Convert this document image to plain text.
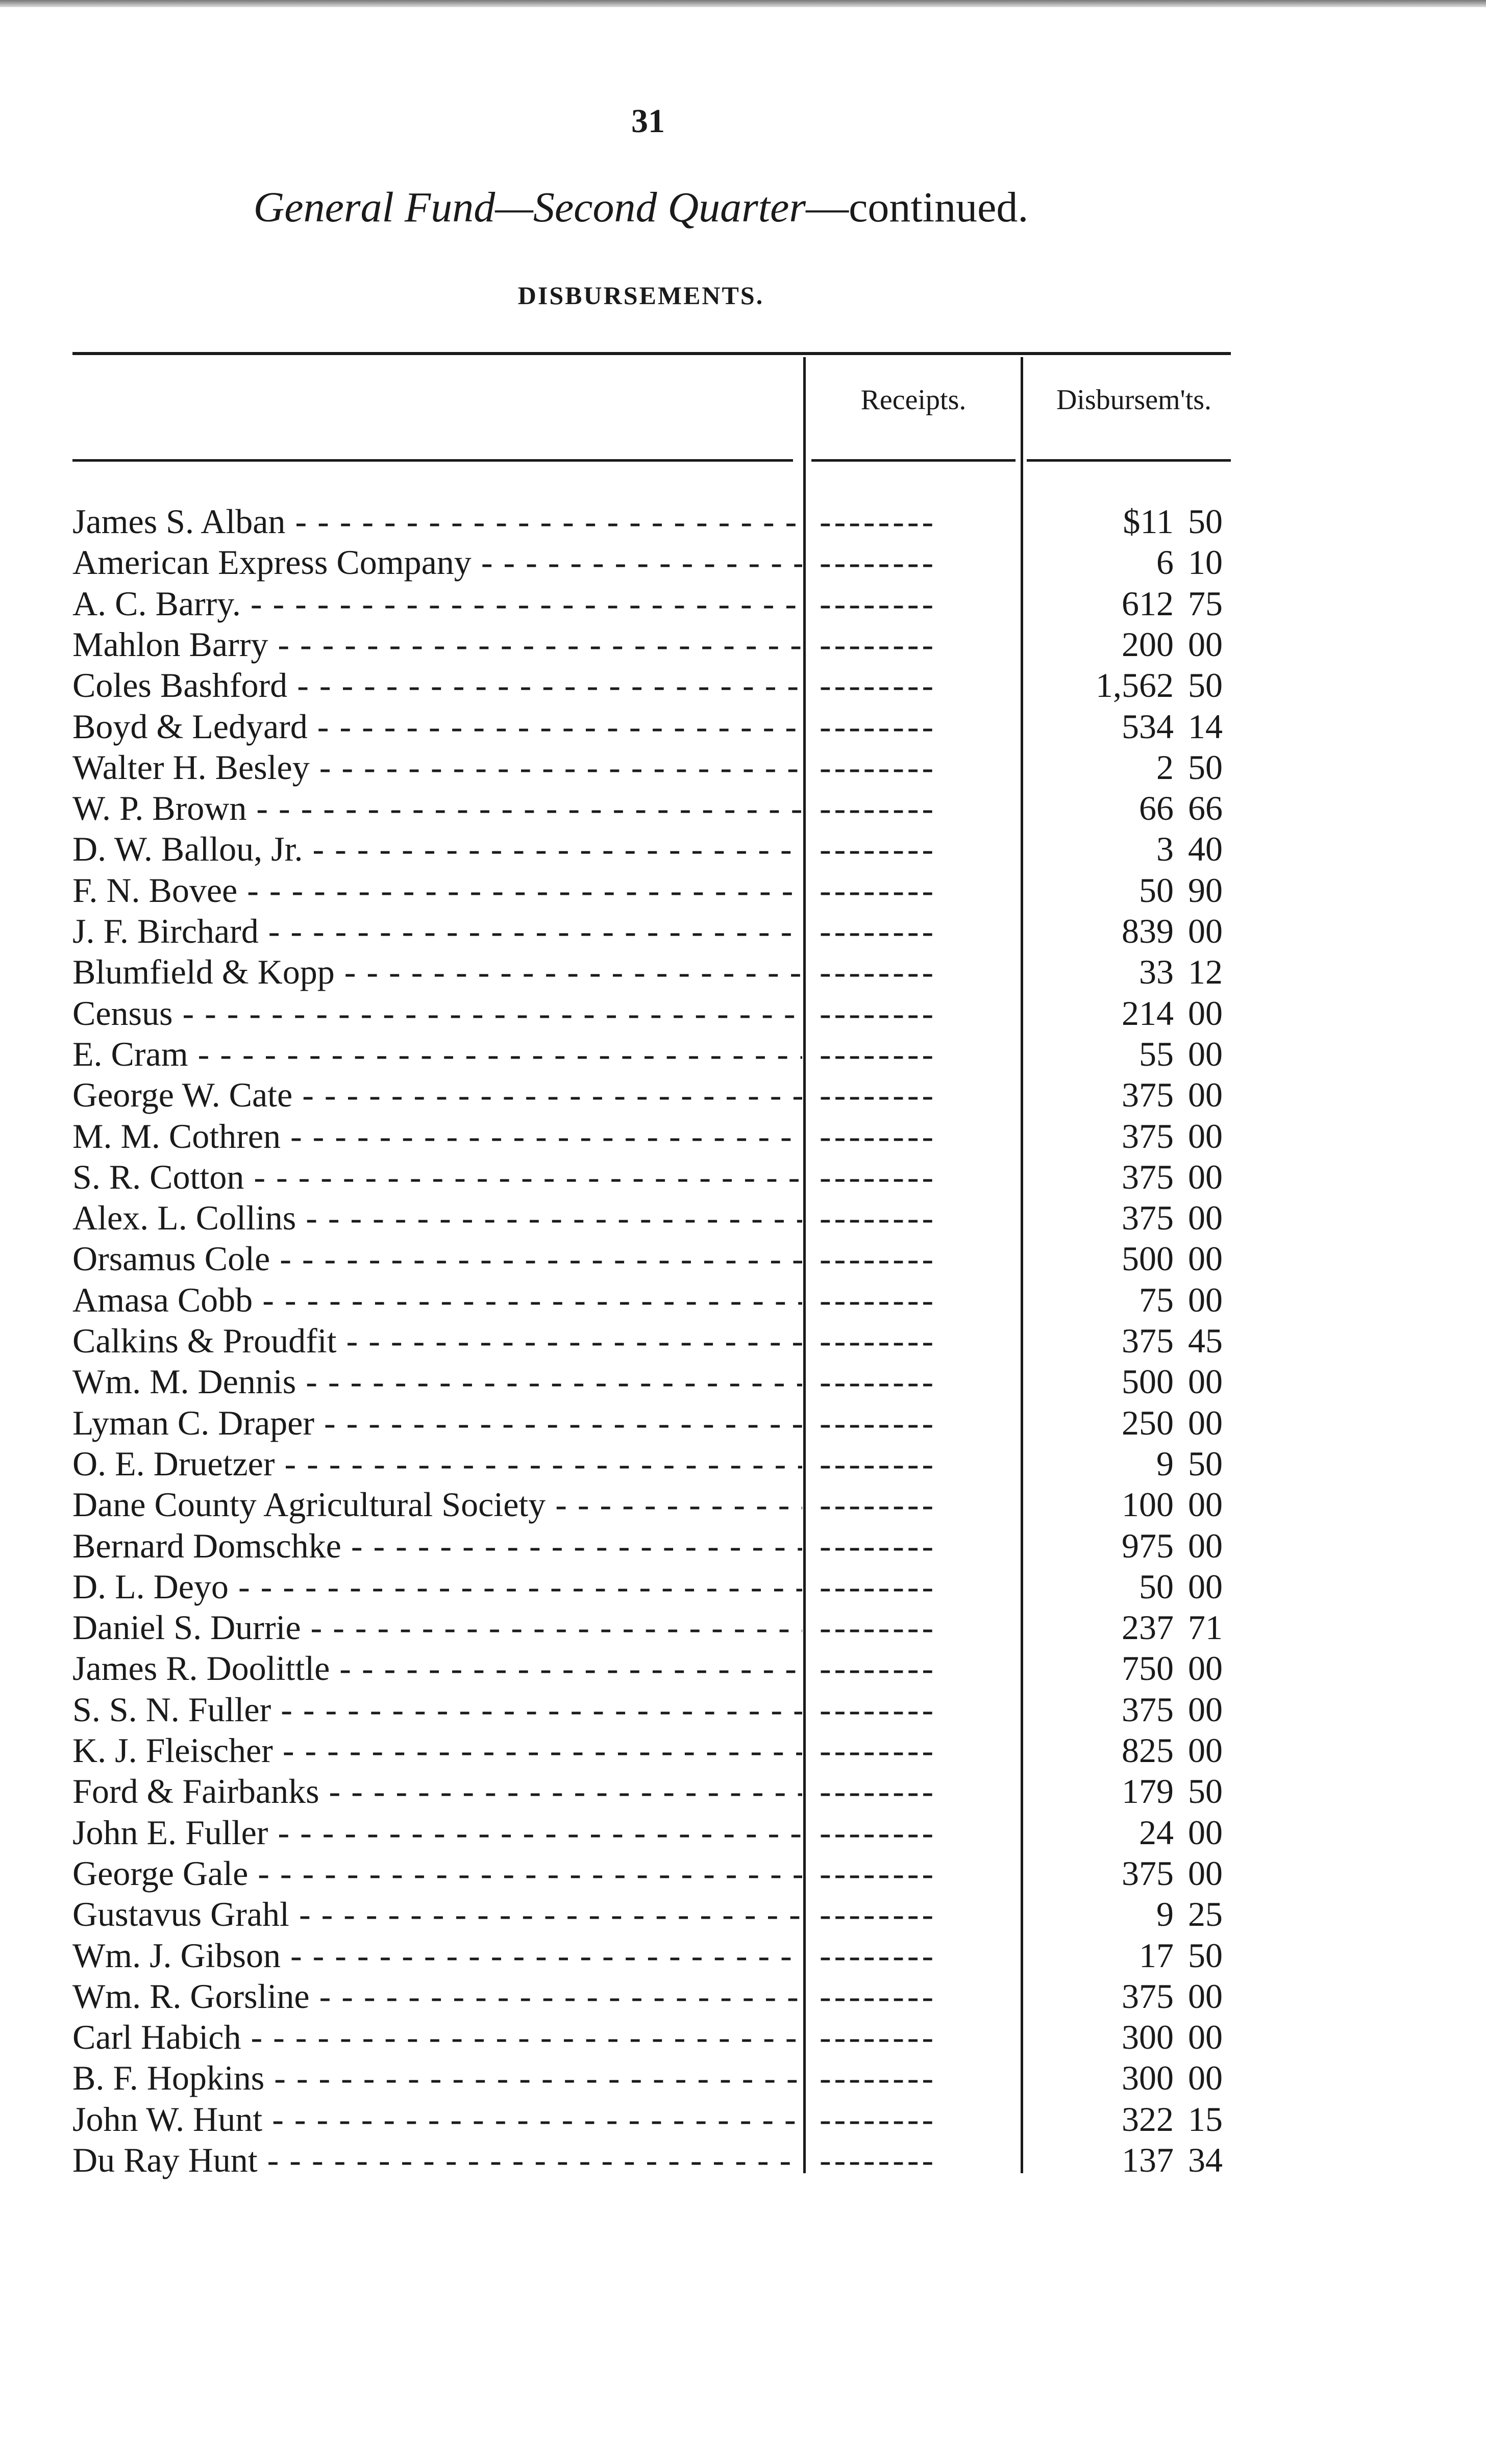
31
General Fund—Second Quarter—continued.
DISBURSEMENTS.
Receipts.	Disbursem'ts.
James S. Alban - - -	--------	$11 50
American Express Company - - -	--------	6 10
A. C. Barry. - - -	--------	612 75
Mahlon Barry - - -	--------	200 00
Coles Bashford - - -	--------	1,562 50
Boyd & Ledyard - - -	--------	534 14
Walter H. Besley - - -	--------	2 50
W. P. Brown - - -	--------	66 66
D. W. Ballou, Jr. - - -	--------	3 40
F. N. Bovee - - -	--------	50 90
J. F. Birchard - - -	--------	839 00
Blumfield & Kopp - - -	--------	33 12
Census - - -	--------	214 00
E. Cram - - -	--------	55 00
George W. Cate - - -	--------	375 00
M. M. Cothren - - -	--------	375 00
S. R. Cotton - - -	--------	375 00
Alex. L. Collins - - -	--------	375 00
Orsamus Cole - - -	--------	500 00
Amasa Cobb - - -	--------	75 00
Calkins & Proudfit - - -	--------	375 45
Wm. M. Dennis - - -	--------	500 00
Lyman C. Draper - - -	--------	250 00
O. E. Druetzer - - -	--------	9 50
Dane County Agricultural Society - - -	--------	100 00
Bernard Domschke - - -	--------	975 00
D. L. Deyo - - -	--------	50 00
Daniel S. Durrie - - -	--------	237 71
James R. Doolittle - - -	--------	750 00
S. S. N. Fuller - - -	--------	375 00
K. J. Fleischer - - -	--------	825 00
Ford & Fairbanks - - -	--------	179 50
John E. Fuller - - -	--------	24 00
George Gale - - -	--------	375 00
Gustavus Grahl - - -	--------	9 25
Wm. J. Gibson - - -	--------	17 50
Wm. R. Gorsline - - -	--------	375 00
Carl Habich - - -	--------	300 00
B. F. Hopkins - - -	--------	300 00
John W. Hunt - - -	--------	322 15
Du Ray Hunt - - -	--------	137 34
